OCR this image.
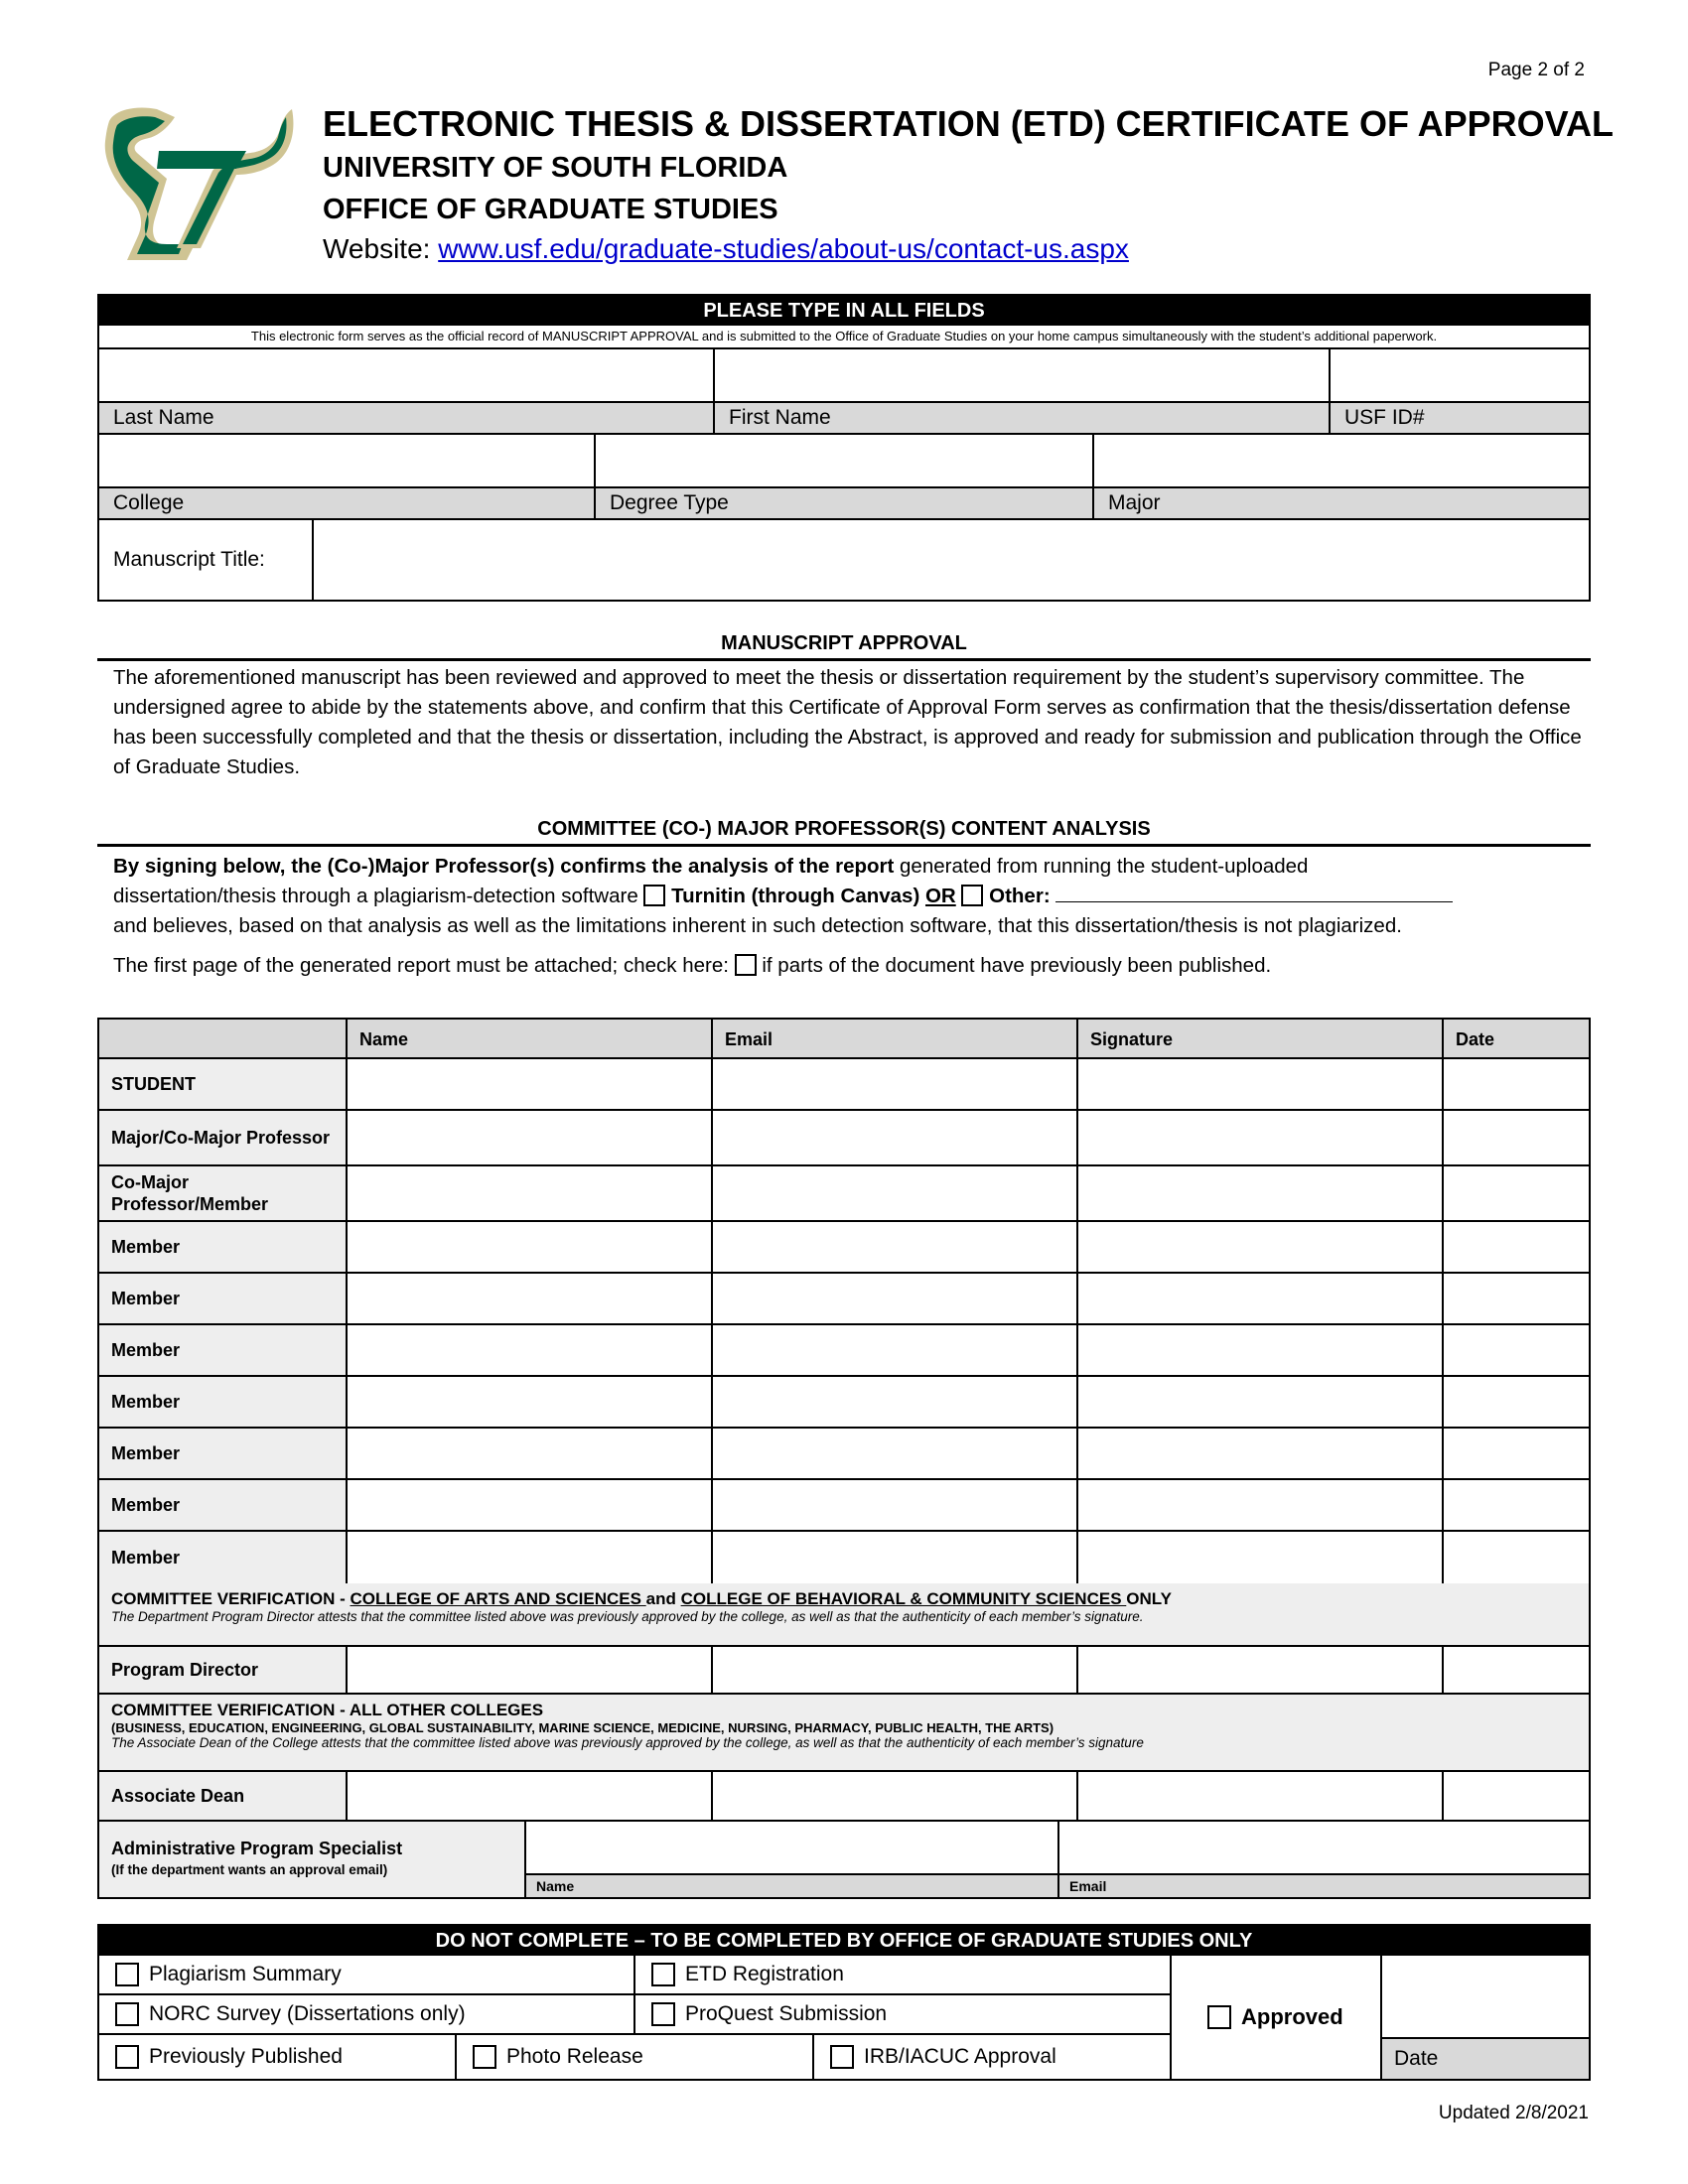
Page 2 of 2
ELECTRONIC THESIS & DISSERTATION (ETD) CERTIFICATE OF APPROVAL
UNIVERSITY OF SOUTH FLORIDA
OFFICE OF GRADUATE STUDIES
Website: www.usf.edu/graduate-studies/about-us/contact-us.aspx
PLEASE TYPE IN ALL FIELDS
This electronic form serves as the official record of MANUSCRIPT APPROVAL and is submitted to the Office of Graduate Studies on your home campus simultaneously with the student’s additional paperwork.
Last Name	First Name	USF ID#
College	Degree Type	Major
Manuscript Title:
MANUSCRIPT APPROVAL
The aforementioned manuscript has been reviewed and approved to meet the thesis or dissertation requirement by the student’s supervisory committee. The undersigned agree to abide by the statements above, and confirm that this Certificate of Approval Form serves as confirmation that the thesis/dissertation defense has been successfully completed and that the thesis or dissertation, including the Abstract, is approved and ready for submission and publication through the Office of Graduate Studies.
COMMITTEE (CO-) MAJOR PROFESSOR(S) CONTENT ANALYSIS
By signing below, the (Co-)Major Professor(s) confirms the analysis of the report generated from running the student-uploaded
dissertation/thesis through a plagiarism-detection software Turnitin (through Canvas) OR Other:
and believes, based on that analysis as well as the limitations inherent in such detection software, that this dissertation/thesis is not plagiarized.
The first page of the generated report must be attached; check here: if parts of the document have previously been published.
Name	Email	Signature	Date
STUDENT
Major/Co-Major Professor
Co-Major Professor/Member
Member
Member
Member
Member
Member
Member
Member
COMMITTEE VERIFICATION - COLLEGE OF ARTS AND SCIENCES and COLLEGE OF BEHAVIORAL & COMMUNITY SCIENCES ONLY
The Department Program Director attests that the committee listed above was previously approved by the college, as well as that the authenticity of each member’s signature.
Program Director
COMMITTEE VERIFICATION - ALL OTHER COLLEGES
(BUSINESS, EDUCATION, ENGINEERING, GLOBAL SUSTAINABILITY, MARINE SCIENCE, MEDICINE, NURSING, PHARMACY, PUBLIC HEALTH, THE ARTS)
The Associate Dean of the College attests that the committee listed above was previously approved by the college, as well as that the authenticity of each member’s signature
Associate Dean
Administrative Program Specialist
(If the department wants an approval email)
Name	Email
DO NOT COMPLETE – TO BE COMPLETED BY OFFICE OF GRADUATE STUDIES ONLY
Plagiarism Summary	ETD Registration
NORC Survey (Dissertations only)	ProQuest Submission
Previously Published	Photo Release	IRB/IACUC Approval
Approved
Date
Updated 2/8/2021
